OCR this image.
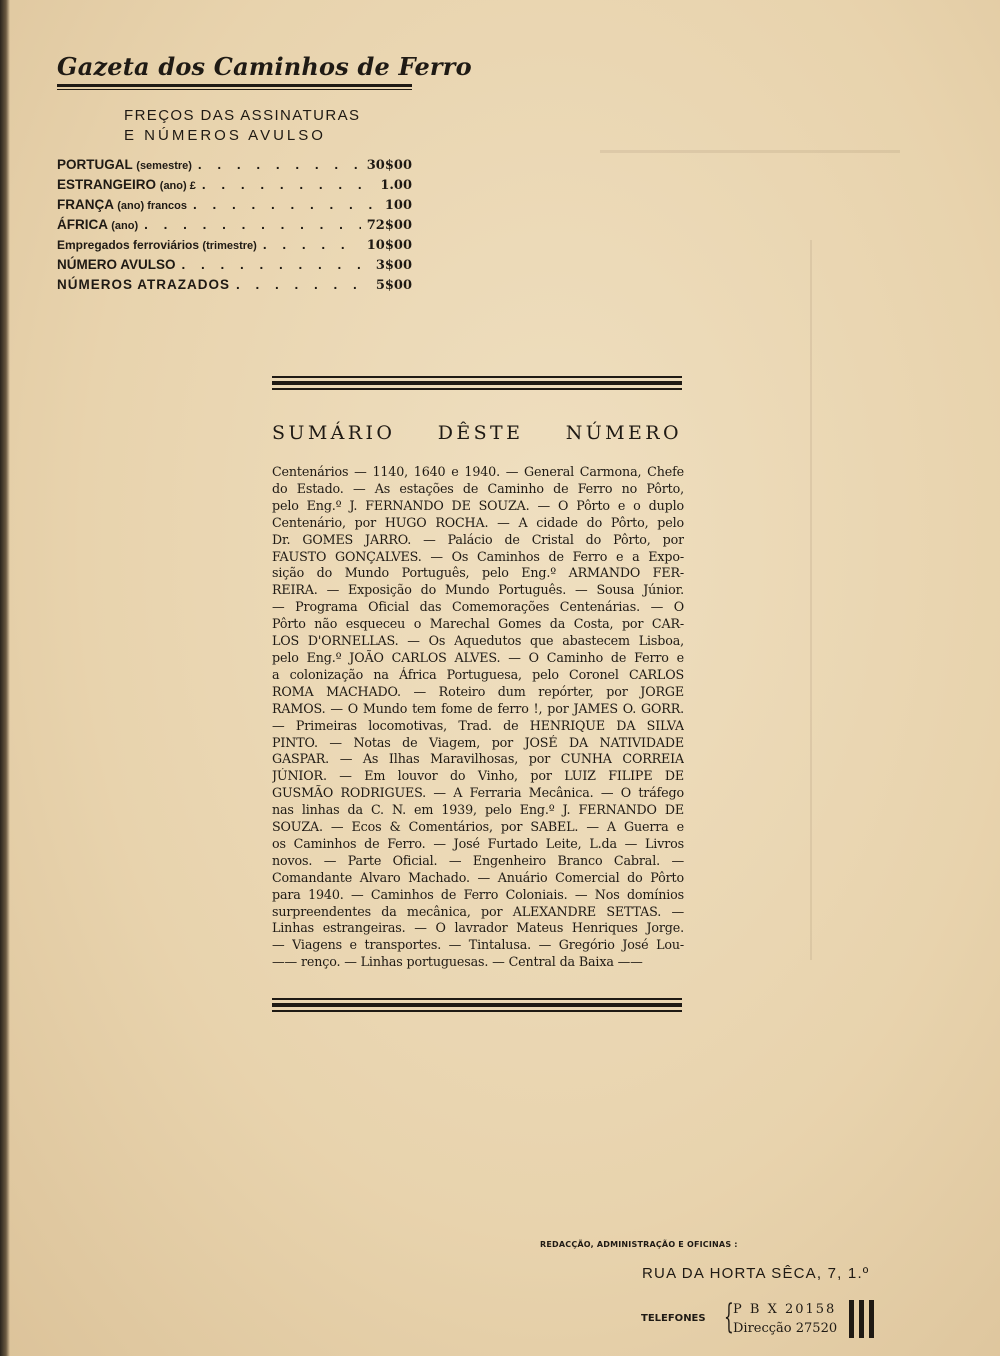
Gazeta dos Caminhos de Ferro
FREÇOS DAS ASSINATURAS
E NÚMEROS AVULSO
PORTUGAL (semestre) . . .	30$00
ESTRANGEIRO (ano) £ . . .	1.00
FRANÇA (ano) francos . . .	100
ÁFRICA (ano) . . .	72$00
Empregados ferroviários (trimestre) . . .	10$00
NÚMERO AVULSO . . .	3$00
NÚMEROS ATRAZADOS . . .	5$00
SUMÁRIO DÊSTE NÚMERO
Centenários — 1140, 1640 e 1940. — General Carmona, Chefe
do Estado. — As estações de Caminho de Ferro no Pôrto,
pelo Eng.º J. FERNANDO DE SOUZA. — O Pôrto e o duplo
Centenário, por HUGO ROCHA. — A cidade do Pôrto, pelo
Dr. GOMES JARRO. — Palácio de Cristal do Pôrto, por
FAUSTO GONÇALVES. — Os Caminhos de Ferro e a Expo-
sição do Mundo Português, pelo Eng.º ARMANDO FER-
REIRA. — Exposição do Mundo Português. — Sousa Júnior.
— Programa Oficial das Comemorações Centenárias. — O
Pôrto não esqueceu o Marechal Gomes da Costa, por CAR-
LOS D'ORNELLAS. — Os Aquedutos que abastecem Lisboa,
pelo Eng.º JOÃO CARLOS ALVES. — O Caminho de Ferro e
a colonização na África Portuguesa, pelo Coronel CARLOS
ROMA MACHADO. — Roteiro dum repórter, por JORGE
RAMOS. — O Mundo tem fome de ferro !, por JAMES O. GORR.
— Primeiras locomotivas, Trad. de HENRIQUE DA SILVA
PINTO. — Notas de Viagem, por JOSÉ DA NATIVIDADE
GASPAR. — As Ilhas Maravilhosas, por CUNHA CORREIA
JÚNIOR. — Em louvor do Vinho, por LUIZ FILIPE DE
GUSMÃO RODRIGUES. — A Ferraria Mecânica. — O tráfego
nas linhas da C. N. em 1939, pelo Eng.º J. FERNANDO DE
SOUZA. — Ecos & Comentários, por SABEL. — A Guerra e
os Caminhos de Ferro. — José Furtado Leite, L.da — Livros
novos. — Parte Oficial. — Engenheiro Branco Cabral. —
Comandante Alvaro Machado. — Anuário Comercial do Pôrto
para 1940. — Caminhos de Ferro Coloniais. — Nos domínios
surpreendentes da mecânica, por ALEXANDRE SETTAS. —
Linhas estrangeiras. — O lavrador Mateus Henriques Jorge.
— Viagens e transportes. — Tintalusa. — Gregório José Lou-
—— renço. — Linhas portuguesas. — Central da Baixa ——
REDACÇÃO, ADMINISTRAÇÃO E OFICINAS :
RUA DA HORTA SÊCA, 7, 1.º
TELEFONES { P B X 20158
Direcção 27520
